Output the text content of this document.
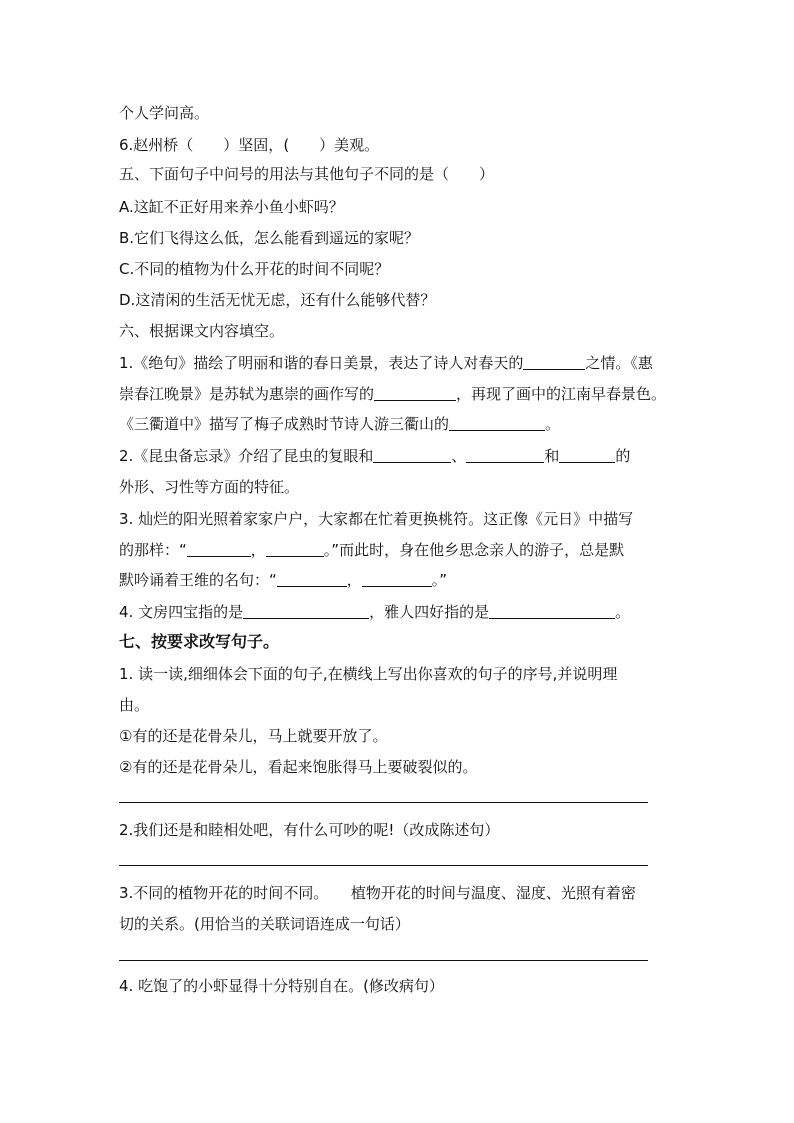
个人学问高。
6.赵州桥（　　）坚固，(　　）美观。
五、下面句子中问号的用法与其他句子不同的是（　　）
A.这缸不正好用来养小鱼小虾吗？
B.它们飞得这么低，怎么能看到遥远的家呢？
C.不同的植物为什么开花的时间不同呢？
D.这清闲的生活无忧无虑，还有什么能够代替？
六、根据课文内容填空。
1.《绝句》描绘了明丽和谐的春日美景，表达了诗人对春天的	之情。《惠
崇春江晚景》是苏轼为惠崇的画作写的	，再现了画中的江南早春景色。
《三衢道中》描写了梅子成熟时节诗人游三衢山的	。
2.《昆虫备忘录》介绍了昆虫的复眼和	、	和	的
外形、习性等方面的特征。
3. 灿烂的阳光照着家家户户，大家都在忙着更换桃符。这正像《元日》中描写
的那样：“	，	。”而此时，身在他乡思念亲人的游子，总是默
默吟诵着王维的名句：“	，	。”
4. 文房四宝指的是	，雅人四好指的是	。
七、按要求改写句子。
1. 读一读,细细体会下面的句子,在横线上写出你喜欢的句子的序号,并说明理
由。
①有的还是花骨朵儿，马上就要开放了。
②有的还是花骨朵儿，看起来饱胀得马上要破裂似的。
2.我们还是和睦相处吧，有什么可吵的呢!（改成陈述句）
3.不同的植物开花的时间不同。　　植物开花的时间与温度、湿度、光照有着密
切的关系。(用恰当的关联词语连成一句话）
4. 吃饱了的小虾显得十分特别自在。(修改病句）
